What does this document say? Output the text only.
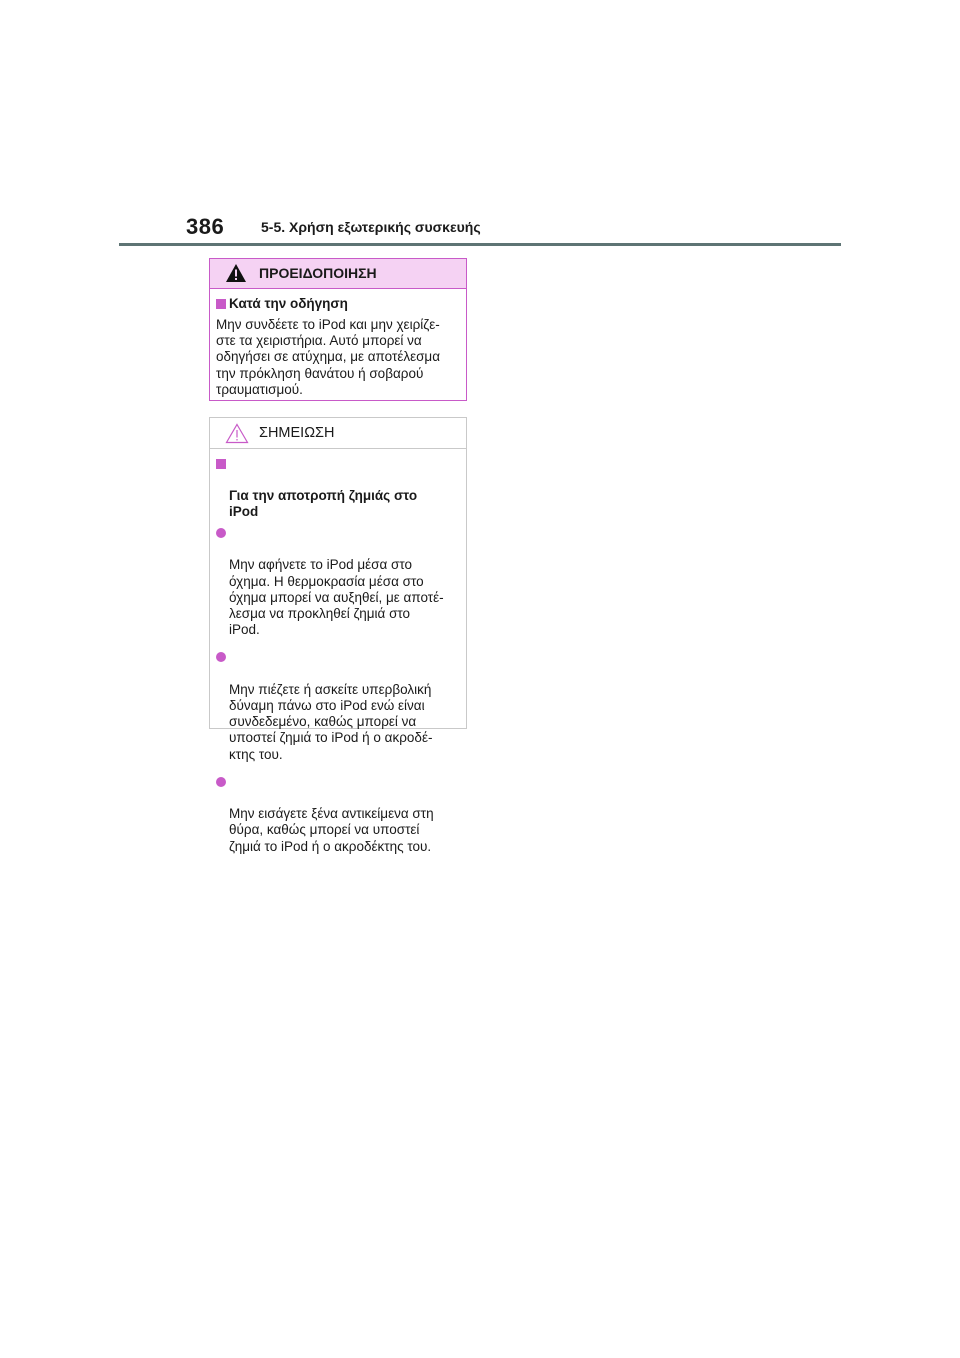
386	5-5. Χρήση εξωτερικής συσκευής
ΠΡΟΕΙΔΟΠΟΙΗΣΗ
Κατά την οδήγηση
Μην συνδέετε το iPod και μην χειρίζε-
στε τα χειριστήρια. Αυτό μπορεί να
οδηγήσει σε ατύχημα, με αποτέλεσμα
την πρόκληση θανάτου ή σοβαρού
τραυματισμού.
ΣΗΜΕΙΩΣΗ

Για την αποτροπή ζημιάς στο
iPod

Μην αφήνετε το iPod μέσα στο
όχημα. Η θερμοκρασία μέσα στο
όχημα μπορεί να αυξηθεί, με αποτέ-
λεσμα να προκληθεί ζημιά στο
iPod.

Μην πιέζετε ή ασκείτε υπερβολική
δύναμη πάνω στο iPod ενώ είναι
συνδεδεμένο, καθώς μπορεί να
υποστεί ζημιά το iPod ή ο ακροδέ-
κτης του.

Μην εισάγετε ξένα αντικείμενα στη
θύρα, καθώς μπορεί να υποστεί
ζημιά το iPod ή ο ακροδέκτης του.
